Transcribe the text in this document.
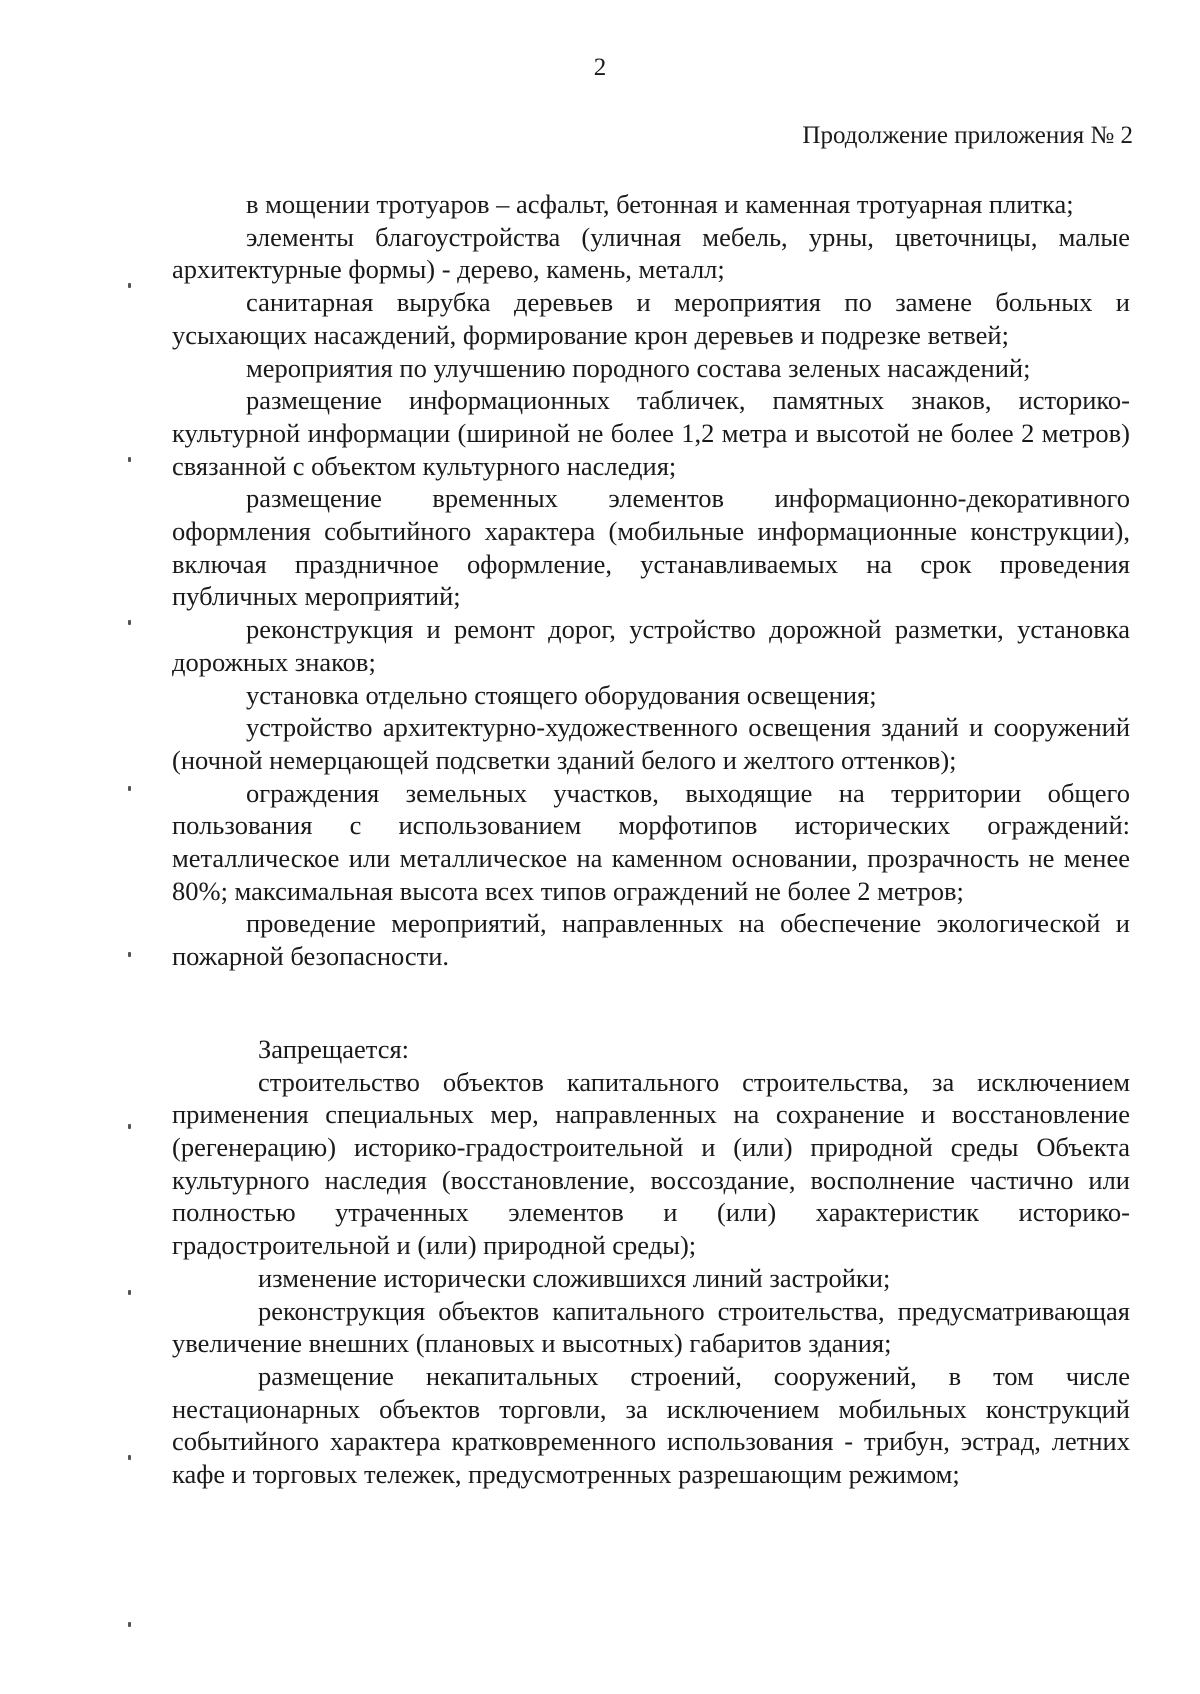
2
Продолжение приложения № 2

в мощении тротуаров – асфальт, бетонная и каменная тротуарная плитка;

элементы благоустройства (уличная мебель, урны, цветочницы, малые архитектурные формы) - дерево, камень, металл;

санитарная вырубка деревьев и мероприятия по замене больных и усыхающих насаждений, формирование крон деревьев и подрезке ветвей;

мероприятия по улучшению породного состава зеленых насаждений;

размещение информационных табличек, памятных знаков, историко-культурной информации (шириной не более 1,2 метра и высотой не более 2 метров) связанной с объектом культурного наследия;

размещение временных элементов информационно-декоративного оформления событийного характера (мобильные информационные конструкции), включая праздничное оформление, устанавливаемых на срок проведения публичных мероприятий;

реконструкция и ремонт дорог, устройство дорожной разметки, установка дорожных знаков;

установка отдельно стоящего оборудования освещения;

устройство архитектурно-художественного освещения зданий и сооружений (ночной немерцающей подсветки зданий белого и желтого оттенков);

ограждения земельных участков, выходящие на территории общего пользования с использованием морфотипов исторических ограждений: металлическое или металлическое на каменном основании, прозрачность не менее 80%; максимальная высота всех типов ограждений не более 2 метров;

проведение мероприятий, направленных на обеспечение экологической и пожарной безопасности.

Запрещается:

строительство объектов капитального строительства, за исключением применения специальных мер, направленных на сохранение и восстановление (регенерацию) историко-градостроительной и (или) природной среды Объекта культурного наследия (восстановление, воссоздание, восполнение частично или полностью утраченных элементов и (или) характеристик историко-градостроительной и (или) природной среды);

изменение исторически сложившихся линий застройки;

реконструкция объектов капитального строительства, предусматривающая увеличение внешних (плановых и высотных) габаритов здания;

размещение некапитальных строений, сооружений, в том числе нестационарных объектов торговли, за исключением мобильных конструкций событийного характера кратковременного использования - трибун, эстрад, летних кафе и торговых тележек, предусмотренных разрешающим режимом;
